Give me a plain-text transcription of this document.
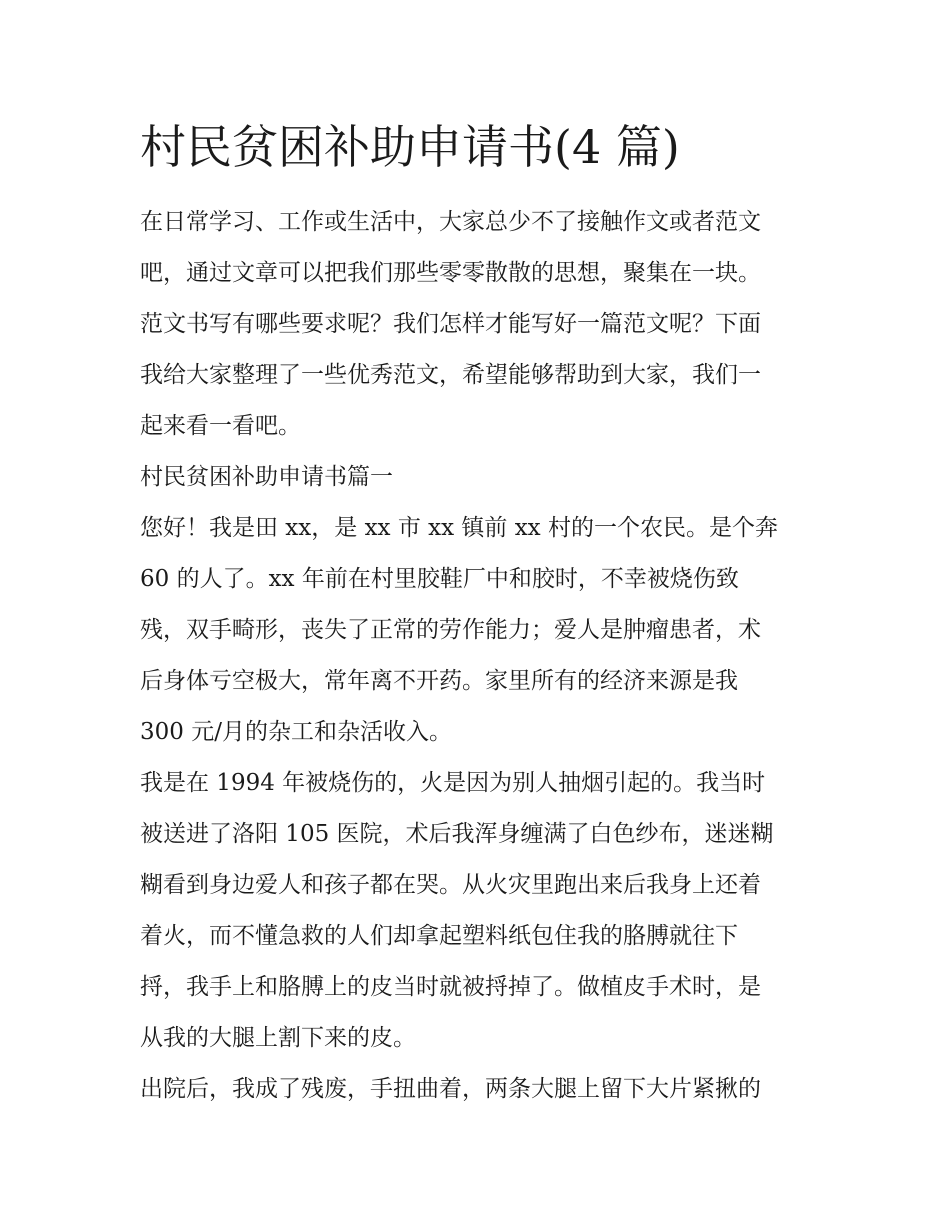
村民贫困补助申请书(4 篇)

在日常学习、工作或生活中，大家总少不了接触作文或者范文

吧，通过文章可以把我们那些零零散散的思想，聚集在一块。

范文书写有哪些要求呢？我们怎样才能写好一篇范文呢？下面

我给大家整理了一些优秀范文，希望能够帮助到大家，我们一

起来看一看吧。

村民贫困补助申请书篇一

您好！我是田 xx，是 xx 市 xx 镇前 xx 村的一个农民。是个奔

60 的人了。xx 年前在村里胶鞋厂中和胶时，不幸被烧伤致

残，双手畸形，丧失了正常的劳作能力；爱人是肿瘤患者，术

后身体亏空极大，常年离不开药。家里所有的经济来源是我

300 元/月的杂工和杂活收入。

我是在 1994 年被烧伤的，火是因为别人抽烟引起的。我当时

被送进了洛阳 105 医院，术后我浑身缠满了白色纱布，迷迷糊

糊看到身边爱人和孩子都在哭。从火灾里跑出来后我身上还着

着火，而不懂急救的人们却拿起塑料纸包住我的胳膊就往下

捋，我手上和胳膊上的皮当时就被捋掉了。做植皮手术时，是

从我的大腿上割下来的皮。

出院后，我成了残废，手扭曲着，两条大腿上留下大片紧揪的
